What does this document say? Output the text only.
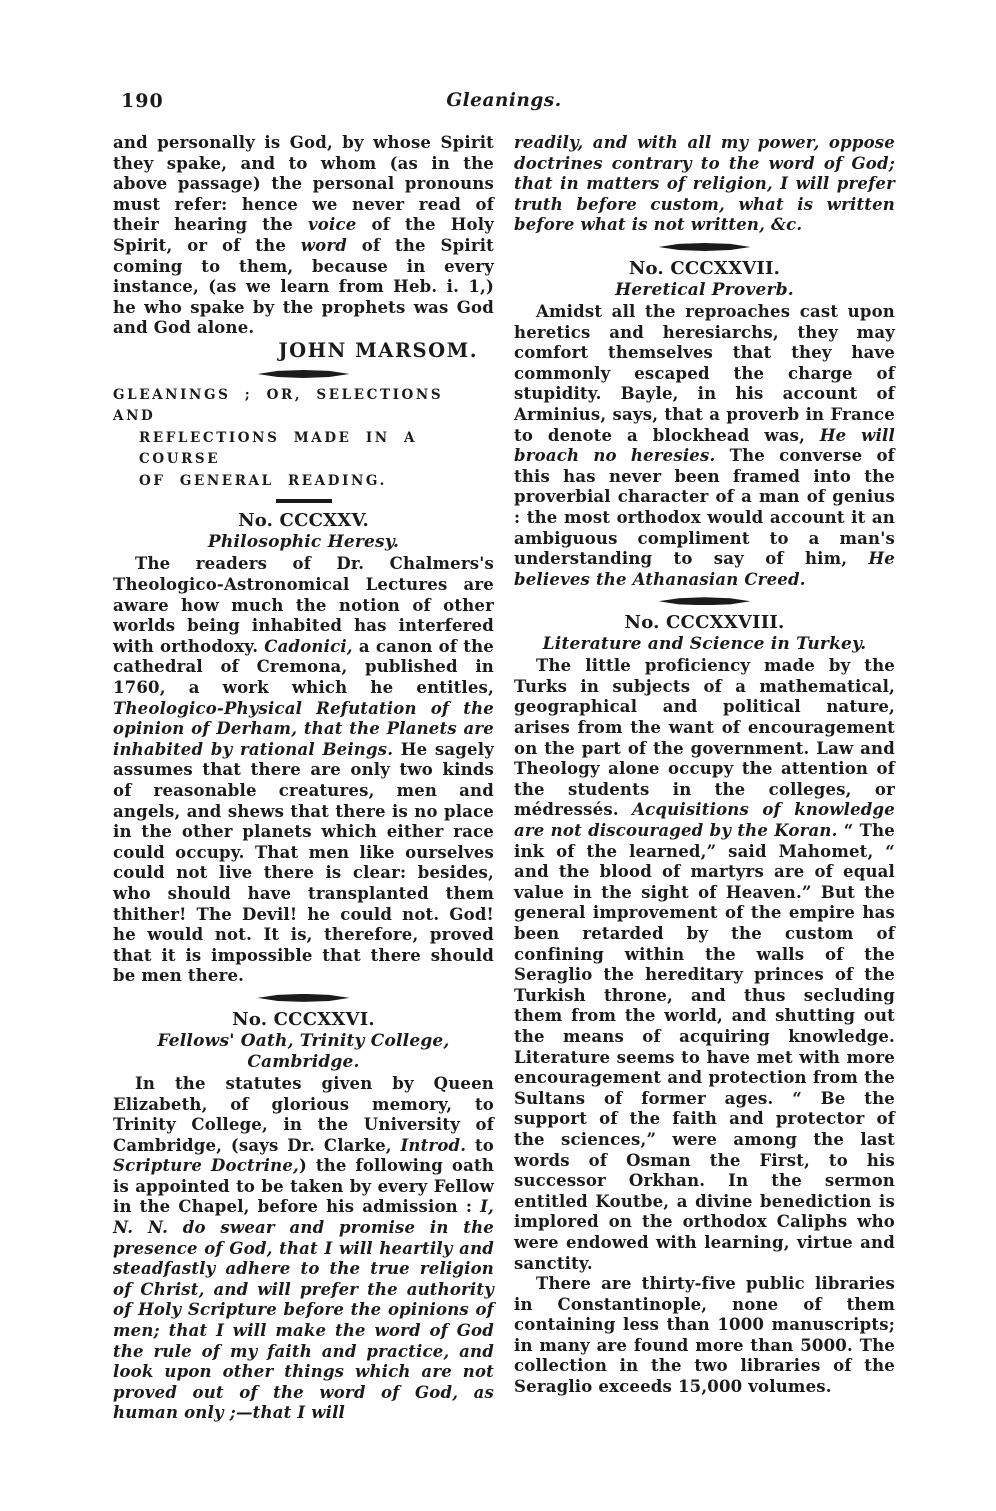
190	Gleanings.

and personally is God, by whose Spirit they spake, and to whom (as in the above passage) the personal pronouns must refer: hence we never read of their hearing the voice of the Holy Spirit, or of the word of the Spirit coming to them, because in every instance, (as we learn from Heb. i. 1,) he who spake by the prophets was God and God alone.

JOHN MARSOM.
GLEANINGS ; OR, SELECTIONS AND
REFLECTIONS MADE IN A COURSE
OF GENERAL READING.
No. CCCXXV.
Philosophic Heresy.

The readers of Dr. Chalmers's Theologico-Astronomical Lectures are aware how much the notion of other worlds being inhabited has interfered with orthodoxy. Cadonici, a canon of the cathedral of Cremona, published in 1760, a work which he entitles, Theologico-Physical Refutation of the opinion of Derham, that the Planets are inhabited by rational Beings. He sagely assumes that there are only two kinds of reasonable creatures, men and angels, and shews that there is no place in the other planets which either race could occupy. That men like ourselves could not live there is clear: besides, who should have transplanted them thither! The Devil! he could not. God! he would not. It is, therefore, proved that it is impossible that there should be men there.

No. CCCXXVI.
Fellows' Oath, Trinity College, Cambridge.

In the statutes given by Queen Elizabeth, of glorious memory, to Trinity College, in the University of Cambridge, (says Dr. Clarke, Introd. to Scripture Doctrine,) the following oath is appointed to be taken by every Fellow in the Chapel, before his admission : I, N. N. do swear and promise in the presence of God, that I will heartily and steadfastly adhere to the true religion of Christ, and will prefer the authority of Holy Scripture before the opinions of men; that I will make the word of God the rule of my faith and practice, and look upon other things which are not proved out of the word of God, as human only ;—that I will

readily, and with all my power, oppose doctrines contrary to the word of God; that in matters of religion, I will prefer truth before custom, what is written before what is not written, &c.

No. CCCXXVII.
Heretical Proverb.

Amidst all the reproaches cast upon heretics and heresiarchs, they may comfort themselves that they have commonly escaped the charge of stupidity. Bayle, in his account of Arminius, says, that a proverb in France to denote a blockhead was, He will broach no heresies. The converse of this has never been framed into the proverbial character of a man of genius : the most orthodox would account it an ambiguous compliment to a man's understanding to say of him, He believes the Athanasian Creed.

No. CCCXXVIII.
Literature and Science in Turkey.

The little proficiency made by the Turks in subjects of a mathematical, geographical and political nature, arises from the want of encouragement on the part of the government. Law and Theology alone occupy the attention of the students in the colleges, or médressés. Acquisitions of knowledge are not discouraged by the Koran. “ The ink of the learned,” said Mahomet, “ and the blood of martyrs are of equal value in the sight of Heaven.” But the general improvement of the empire has been retarded by the custom of confining within the walls of the Seraglio the hereditary princes of the Turkish throne, and thus secluding them from the world, and shutting out the means of acquiring knowledge. Literature seems to have met with more encouragement and protection from the Sultans of former ages. “ Be the support of the faith and protector of the sciences,” were among the last words of Osman the First, to his successor Orkhan. In the sermon entitled Koutbe, a divine benediction is implored on the orthodox Caliphs who were endowed with learning, virtue and sanctity.

There are thirty-five public libraries in Constantinople, none of them containing less than 1000 manuscripts; in many are found more than 5000. The collection in the two libraries of the Seraglio exceeds 15,000 volumes.
